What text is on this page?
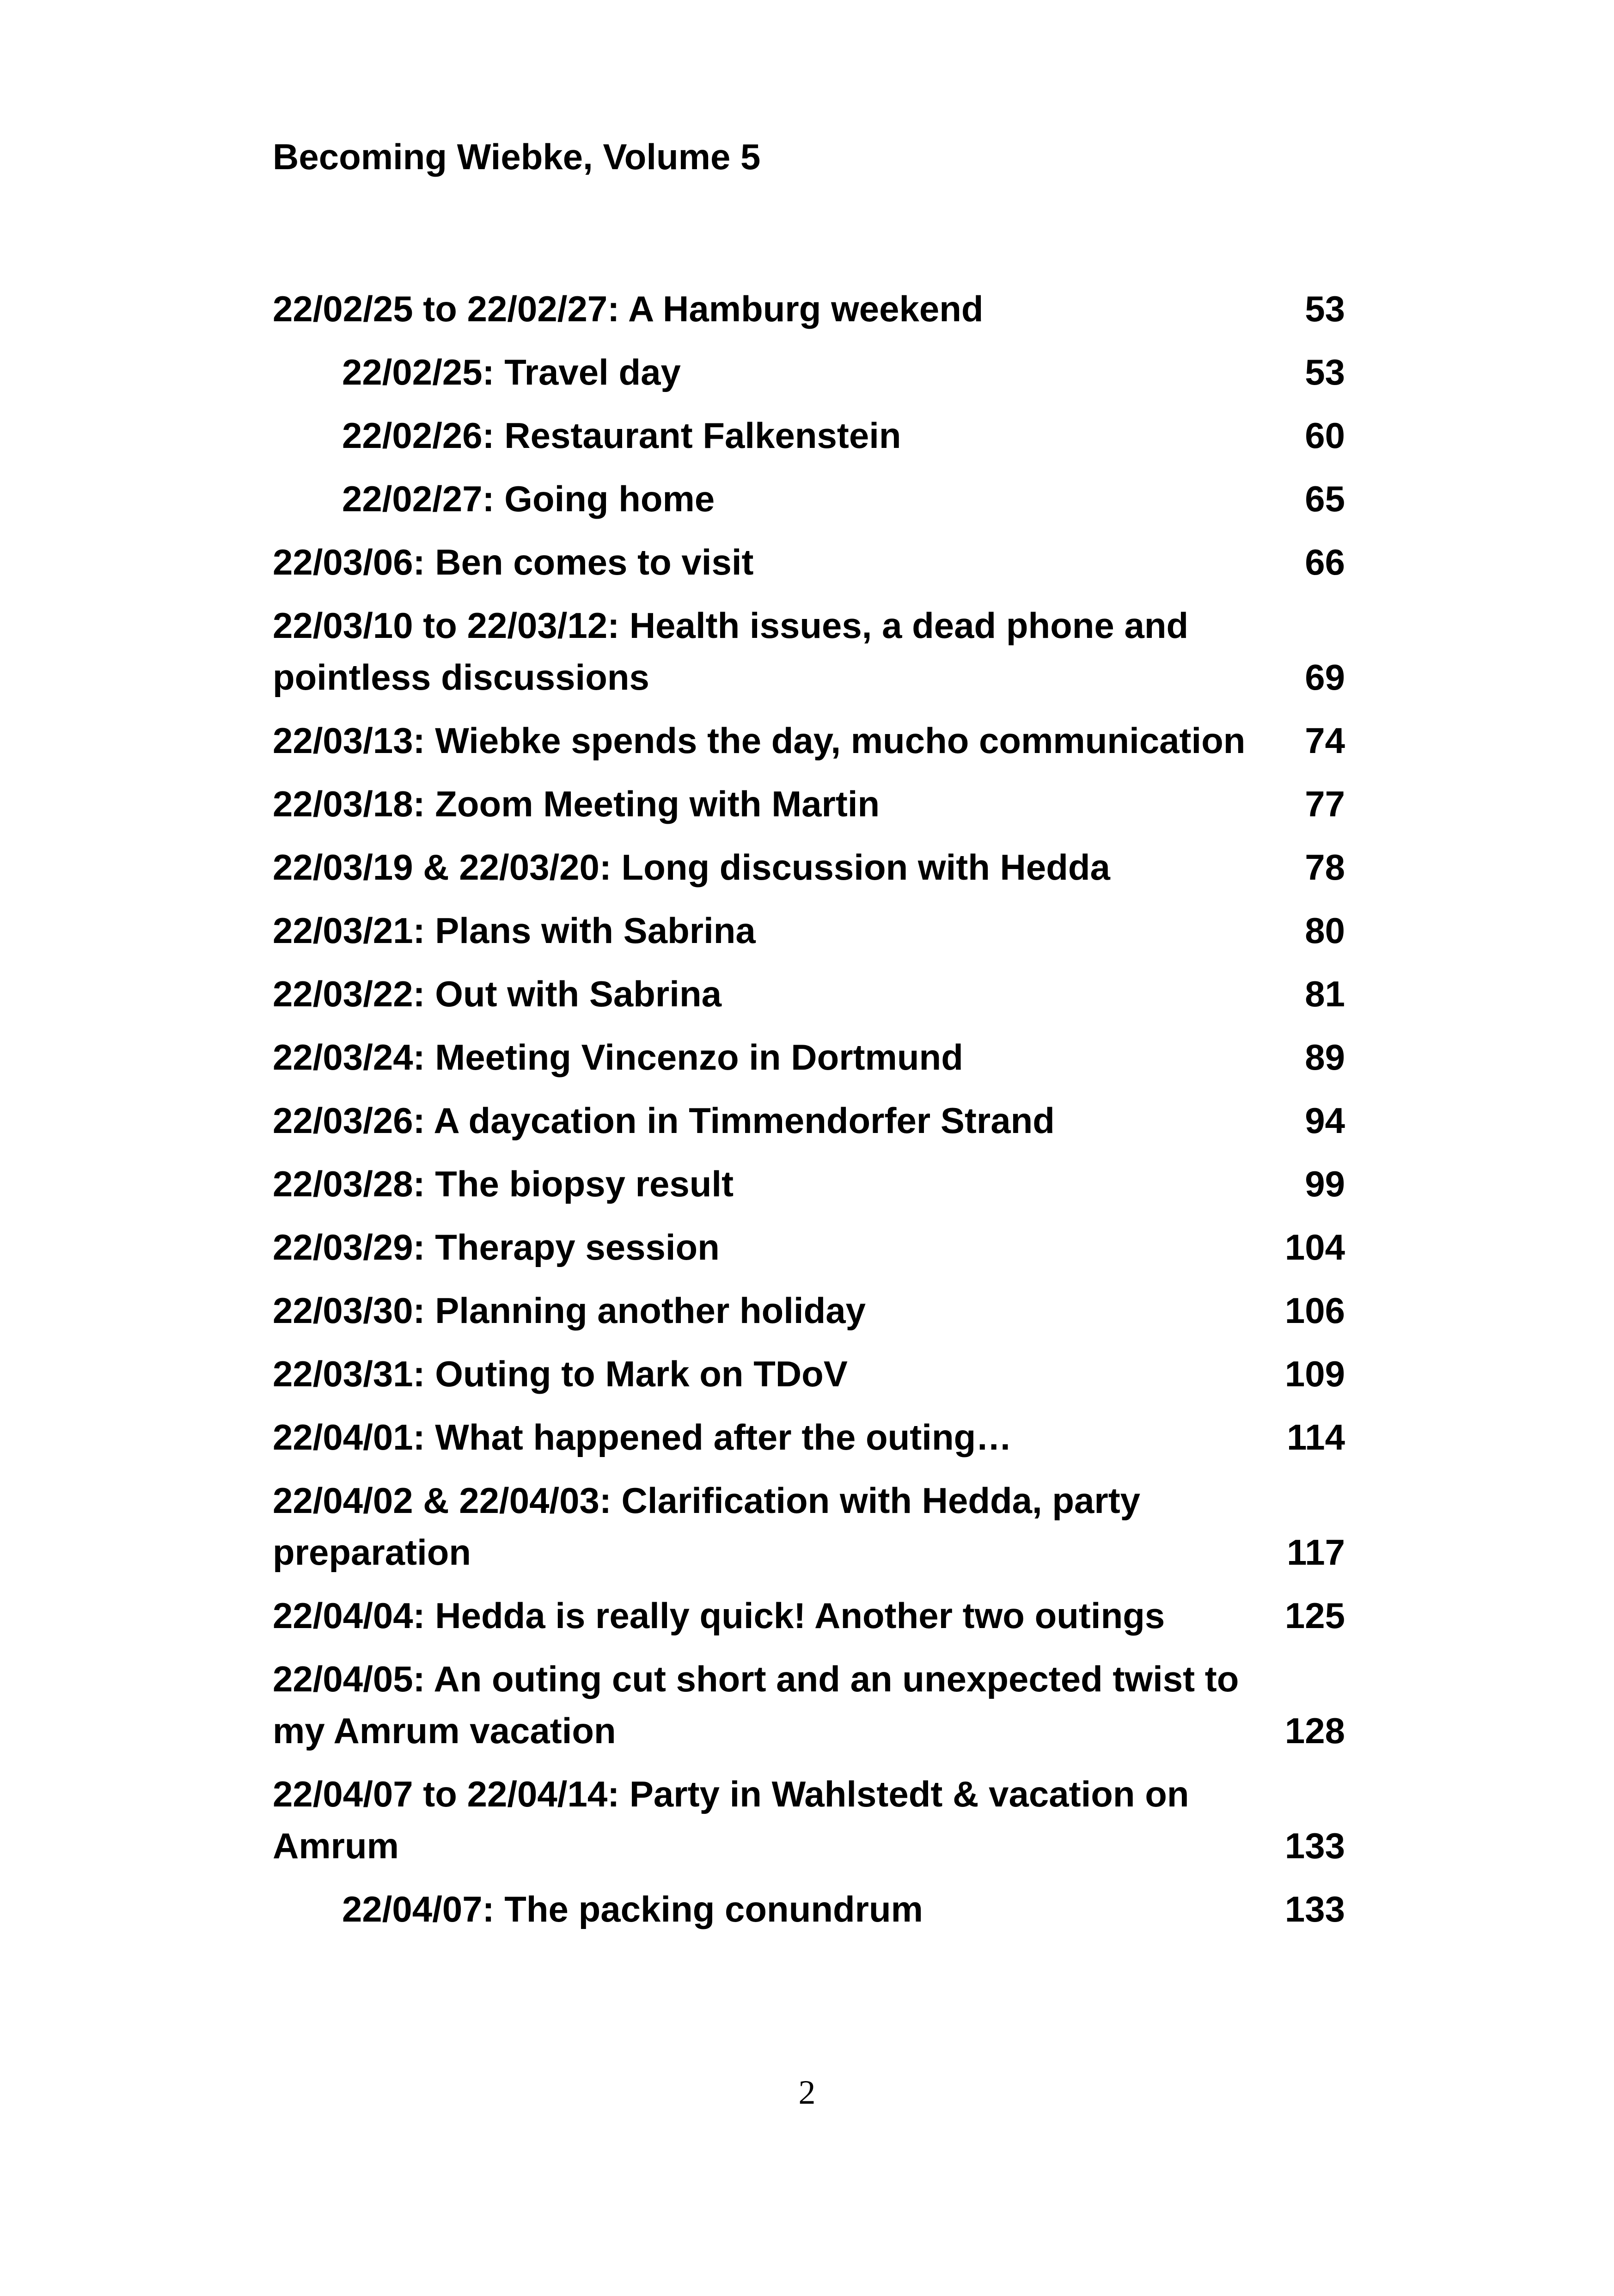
Becoming Wiebke, Volume 5
22/02/25 to 22/02/27: A Hamburg weekend	53
22/02/25: Travel day	53
22/02/26: Restaurant Falkenstein	60
22/02/27: Going home	65
22/03/06: Ben comes to visit	66
22/03/10 to 22/03/12: Health issues, a dead phone and pointless discussions	69
22/03/13: Wiebke spends the day, mucho communication	74
22/03/18: Zoom Meeting with Martin	77
22/03/19 & 22/03/20: Long discussion with Hedda	78
22/03/21: Plans with Sabrina	80
22/03/22: Out with Sabrina	81
22/03/24: Meeting Vincenzo in Dortmund	89
22/03/26: A daycation in Timmendorfer Strand	94
22/03/28: The biopsy result	99
22/03/29: Therapy session	104
22/03/30: Planning another holiday	106
22/03/31: Outing to Mark on TDoV	109
22/04/01: What happened after the outing…	114
22/04/02 & 22/04/03: Clarification with Hedda, party preparation	117
22/04/04: Hedda is really quick! Another two outings	125
22/04/05: An outing cut short and an unexpected twist to my Amrum vacation	128
22/04/07 to 22/04/14: Party in Wahlstedt & vacation on Amrum	133
22/04/07: The packing conundrum	133
2
